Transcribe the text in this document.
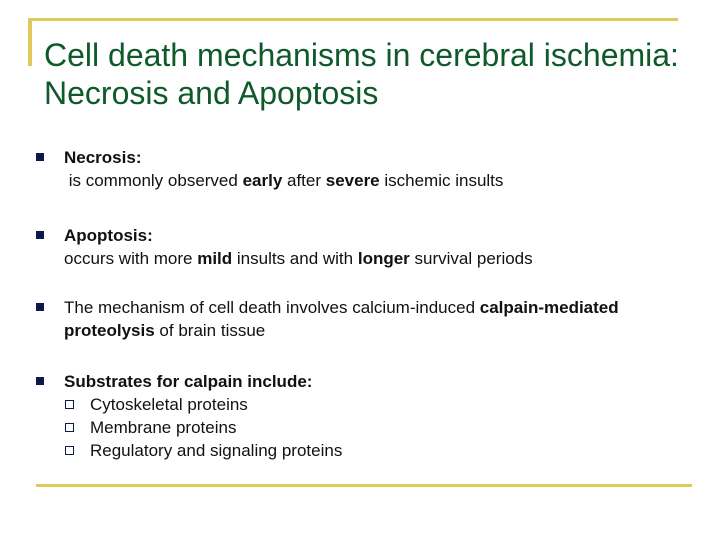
Cell death mechanisms in cerebral ischemia: Necrosis and Apoptosis
Necrosis:
is commonly observed early after severe ischemic insults
Apoptosis:
occurs with more mild insults and with longer survival periods
The mechanism of cell death involves calcium-induced calpain-mediated proteolysis of brain tissue
Substrates for calpain include:
Cytoskeletal proteins
Membrane proteins
Regulatory and signaling proteins
